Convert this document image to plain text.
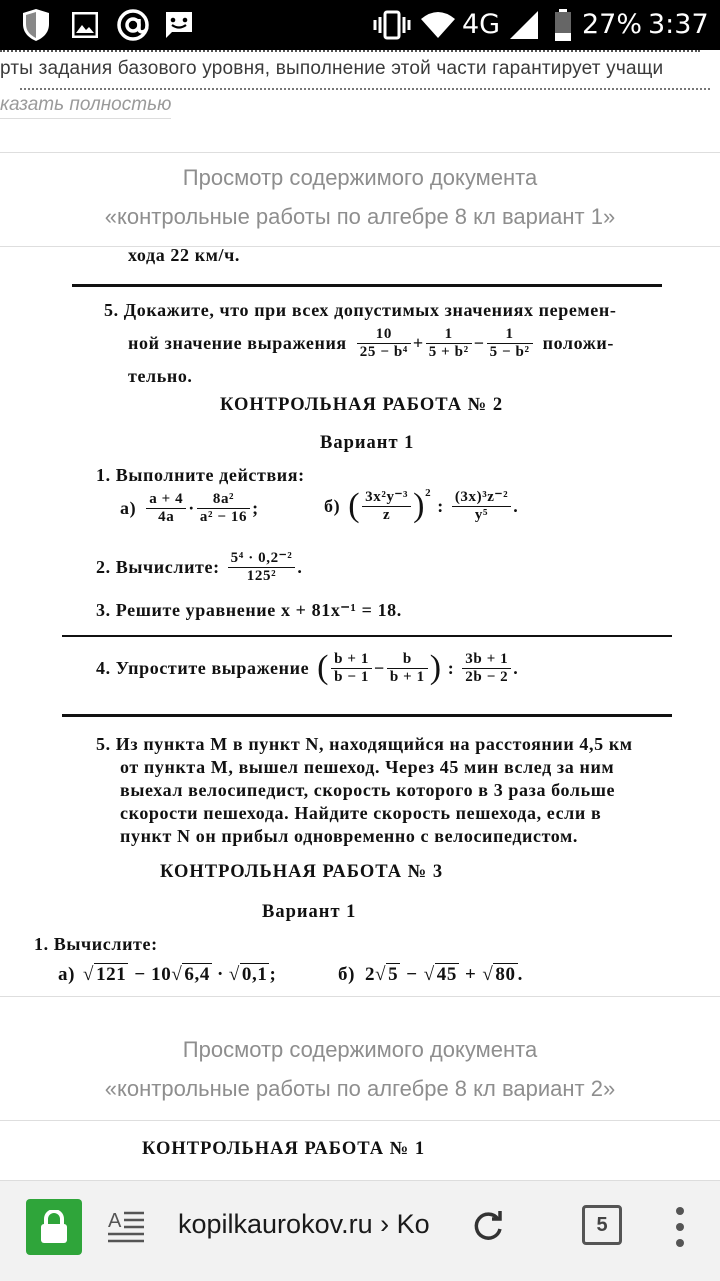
4G	27% 3:37
рты задания базового уровня, выполнение этой части гарантирует учащи
казать полностью
Просмотр содержимого документа
«контрольные работы по алгебре 8 кл вариант 1»
хода 22 км/ч.
5. Докажите, что при всех допустимых значениях перемен-
ной значение выражения $\frac{10}{\text{25 − b⁴}} + \frac{1}{\text{5 + b²}} - \frac{1}{\text{5 − b²}}$ положи-
тельно.
КОНТРОЛЬНАЯ РАБОТА № 2
Вариант 1
1. Выполните действия:
$а) \frac{a + 4}{4a} \cdot \frac{\text{8a²}}{\text{a² − 16}}$ ;	б) ( $\frac{\text{3x²y⁻³}}{z} )^2$
: $\frac{\text{(3x)³z⁻²}}{\text{y⁵}}$ .
2. Вычислите: $\frac{\text{5⁴ · 0,2⁻²}}{\text{125²}}$ .
3. Решите уравнение x + 81x⁻¹ = 18.
4. Упростите выражение ( $\frac{b + 1}{b - 1} - \frac{b}{b + 1}$ ) : $\frac{3b + 1}{2b - 2}$ .
5. Из пункта M в пункт N, находящийся на расстоянии 4,5 км
от пункта M, вышел пешеход. Через 45 мин вслед за ним
выехал велосипедист, скорость которого в 3 раза больше
скорости пешехода. Найдите скорость пешехода, если в
пункт N он прибыл одновременно с велосипедистом.
КОНТРОЛЬНАЯ РАБОТА № 3
Вариант 1
1. Вычислите:
а) √ 121 − 10 √ 6,4 · √ 0,1 ;	б) 2 √ 5 − √ 45 + √ 80 .
Просмотр содержимого документа
«контрольные работы по алгебре 8 кл вариант 2»
КОНТРОЛЬНАЯ РАБОТА № 1
A kopilkaurokov.ru › Ko	5
